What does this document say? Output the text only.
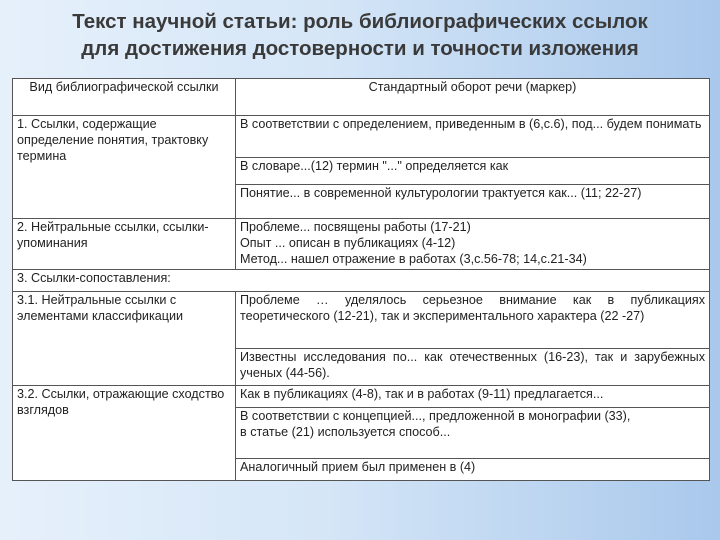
Текст научной статьи: роль библиографических ссылок
для достижения достоверности и точности изложения
Вид библиографической ссылки	Стандартный оборот речи (маркер)
1. Ссылки, содержащие определение понятия, трактовку термина	В соответствии с определением, приведенным в (6,с.6), под... будем понимать
	В словаре...(12) термин "..." определяется как
	Понятие... в современной культурологии трактуется как... (11; 22-27)
2. Нейтральные ссылки, ссылки-упоминания	Проблеме... посвящены работы (17-21)
Опыт ... описан в публикациях (4-12)
Метод... нашел отражение в работах (3,с.56-78; 14,с.21-34)

3. Ссылки-сопоставления:	
3.1. Нейтральные ссылки с элементами классификации	Проблеме … уделялось серьезное внимание как в публикациях теоретического (12-21), так и экспериментального характера (22 -27)
	Известны исследования по... как отечественных (16-23), так и зарубежных ученых (44-56).
3.2. Ссылки, отражающие сходство взглядов	Как в публикациях (4-8), так и в работах (9-11) предлагается...

	В соответствии с концепцией..., предложенной в монографии (33),
в статье (21) используется способ...

	Аналогичный прием был применен в (4)
